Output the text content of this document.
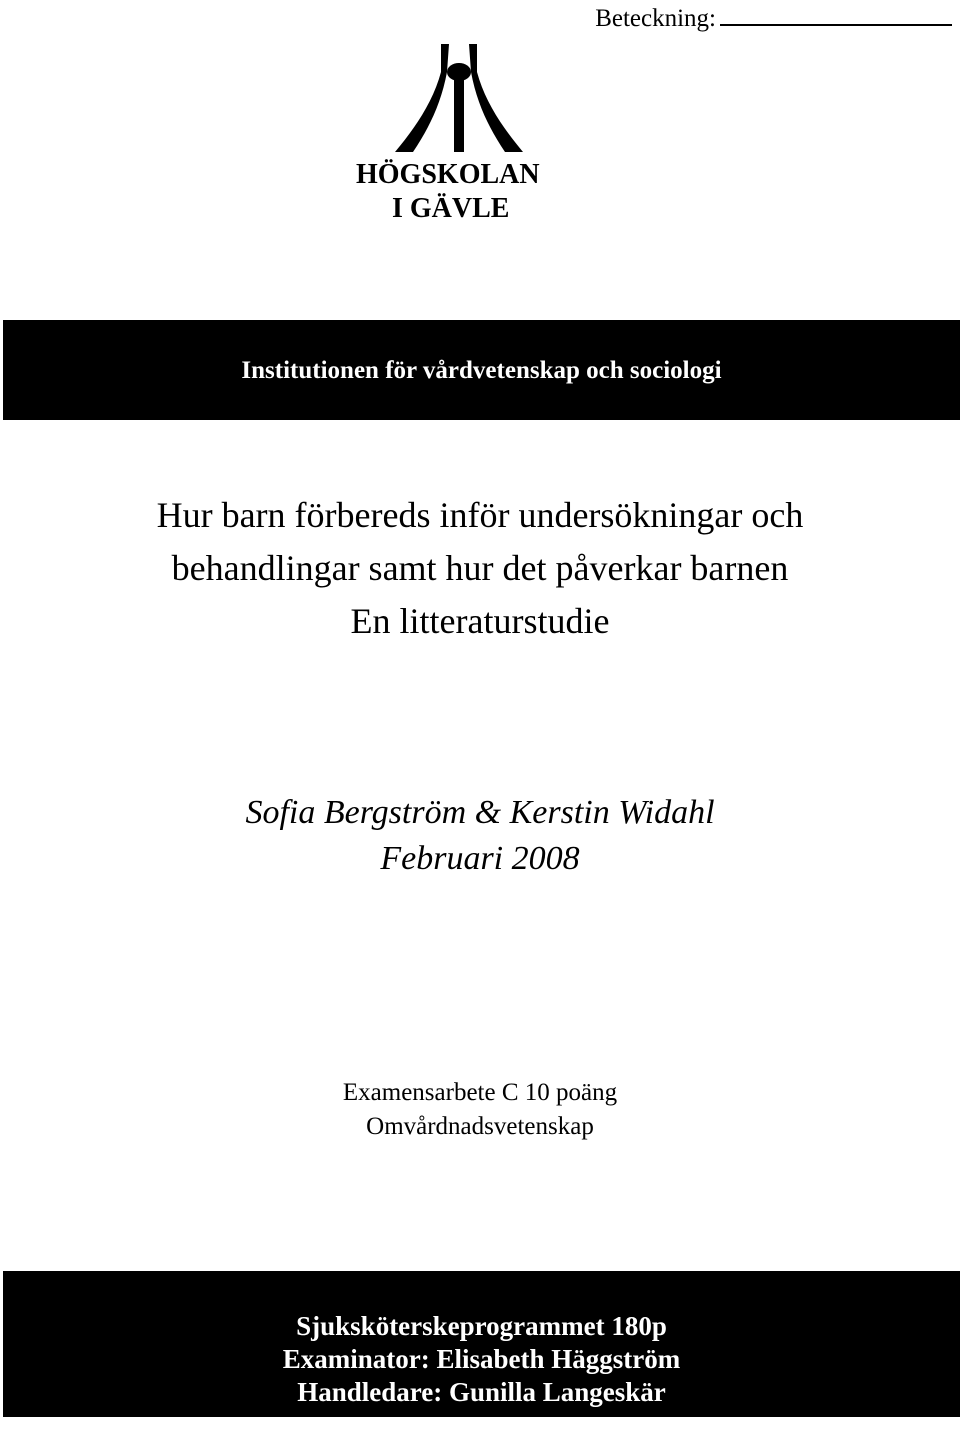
Beteckning:
HÖGSKOLAN
I GÄVLE
Institutionen för vårdvetenskap och sociologi
Hur barn förbereds inför undersökningar och
behandlingar samt hur det påverkar barnen
En litteraturstudie
Sofia Bergström & Kerstin Widahl
Februari 2008
Examensarbete C 10 poäng
Omvårdnadsvetenskap
Sjuksköterskeprogrammet 180p
Examinator: Elisabeth Häggström
Handledare: Gunilla Langeskär
